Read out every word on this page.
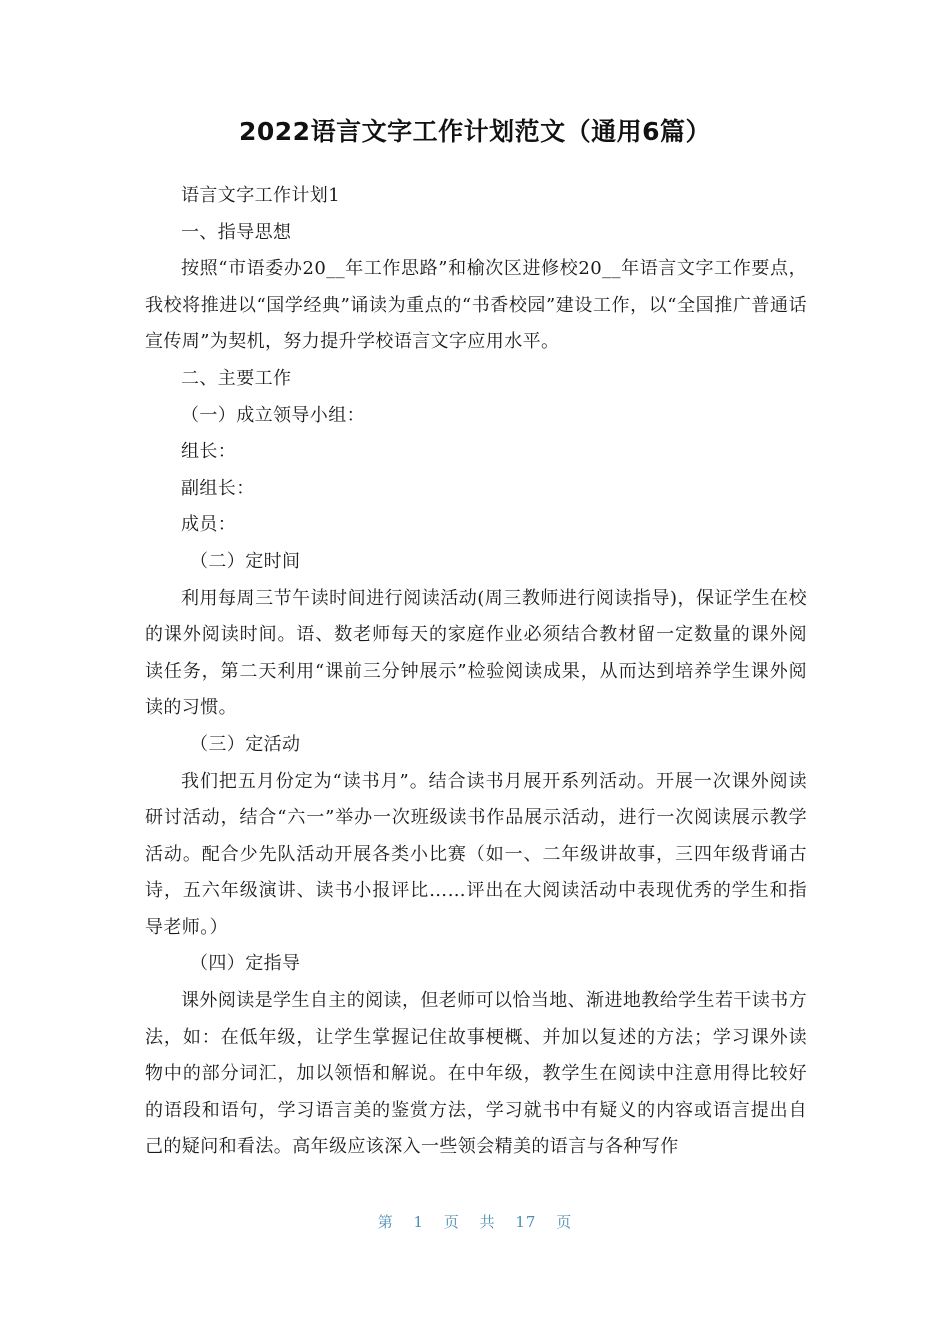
2022语言文字工作计划范文（通用6篇）

语言文字工作计划1

一、指导思想

按照“市语委办20__年工作思路”和榆次区进修校20__年语言文字工作要点，我校将推进以“国学经典”诵读为重点的“书香校园”建设工作，以“全国推广普通话宣传周”为契机，努力提升学校语言文字应用水平。

二、主要工作

（一）成立领导小组：

组长：

副组长：

成员：

（二）定时间

利用每周三节午读时间进行阅读活动(周三教师进行阅读指导)，保证学生在校的课外阅读时间。语、数老师每天的家庭作业必须结合教材留一定数量的课外阅读任务，第二天利用“课前三分钟展示”检验阅读成果，从而达到培养学生课外阅读的习惯。

（三）定活动

我们把五月份定为“读书月”。结合读书月展开系列活动。开展一次课外阅读研讨活动，结合“六一”举办一次班级读书作品展示活动，进行一次阅读展示教学活动。配合少先队活动开展各类小比赛（如一、二年级讲故事，三四年级背诵古诗，五六年级演讲、读书小报评比……评出在大阅读活动中表现优秀的学生和指导老师。）

（四）定指导

课外阅读是学生自主的阅读，但老师可以恰当地、渐进地教给学生若干读书方法，如：在低年级，让学生掌握记住故事梗概、并加以复述的方法；学习课外读物中的部分词汇，加以领悟和解说。在中年级，教学生在阅读中注意用得比较好的语段和语句，学习语言美的鉴赏方法，学习就书中有疑义的内容或语言提出自己的疑问和看法。高年级应该深入一些领会精美的语言与各种写作

第 1 页 共 17 页
